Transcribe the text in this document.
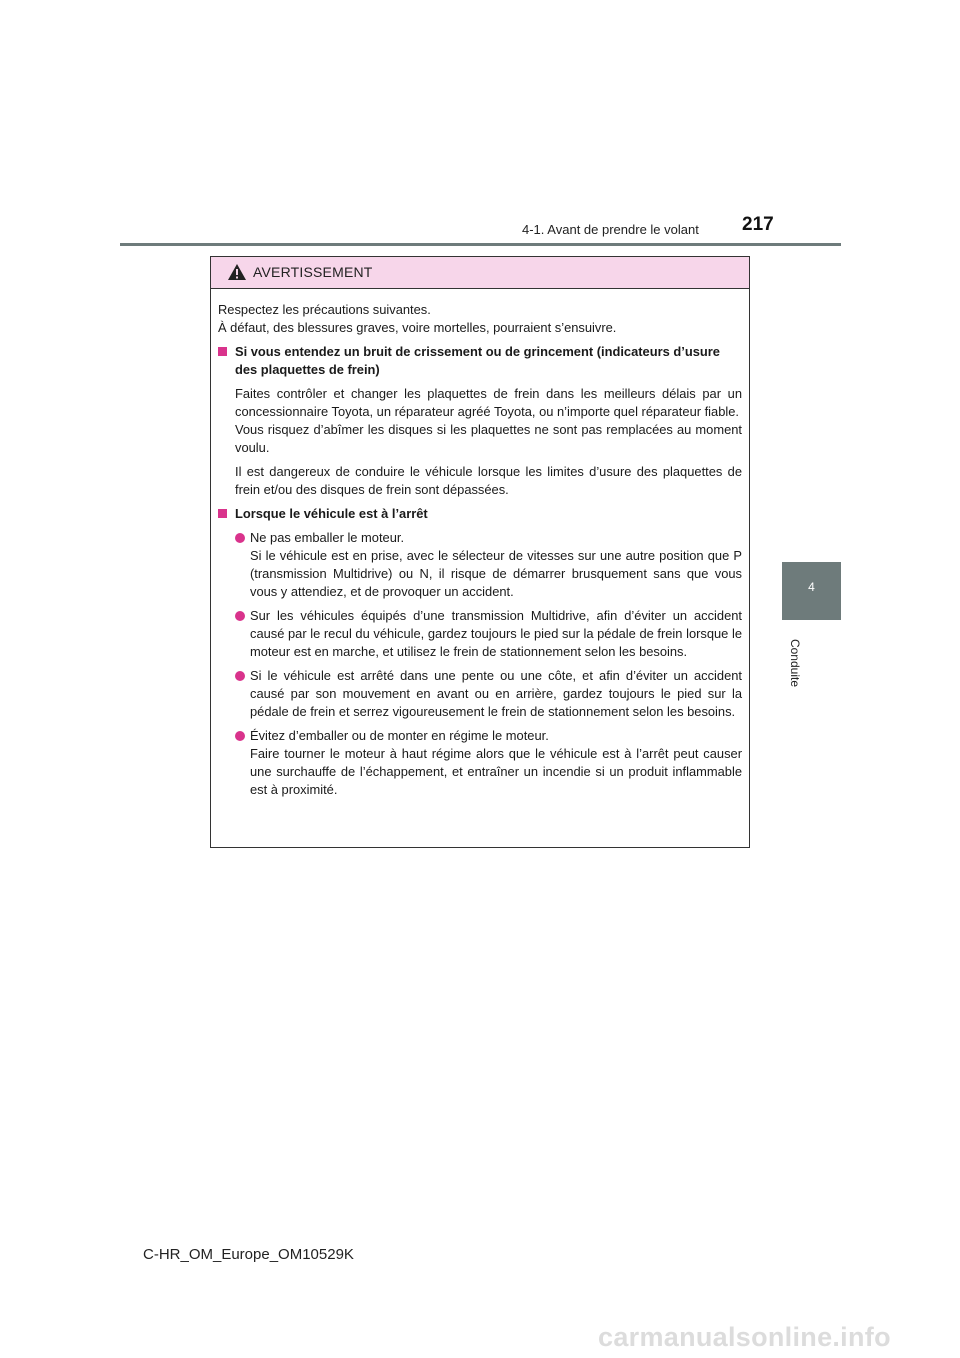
4-1. Avant de prendre le volant 217
4
Conduite
AVERTISSEMENT
Respectez les précautions suivantes.
À défaut, des blessures graves, voire mortelles, pourraient s’ensuivre.
Si vous entendez un bruit de crissement ou de grincement (indicateurs d’usure des plaquettes de frein)
Faites contrôler et changer les plaquettes de frein dans les meilleurs délais par un concessionnaire Toyota, un réparateur agréé Toyota, ou n’importe quel réparateur fiable.
Vous risquez d’abîmer les disques si les plaquettes ne sont pas remplacées au moment voulu.
Il est dangereux de conduire le véhicule lorsque les limites d’usure des plaquettes de frein et/ou des disques de frein sont dépassées.
Lorsque le véhicule est à l’arrêt
Ne pas emballer le moteur.
Si le véhicule est en prise, avec le sélecteur de vitesses sur une autre position que P (transmission Multidrive) ou N, il risque de démarrer brusquement sans que vous vous y attendiez, et de provoquer un accident.
Sur les véhicules équipés d’une transmission Multidrive, afin d’éviter un accident causé par le recul du véhicule, gardez toujours le pied sur la pédale de frein lorsque le moteur est en marche, et utilisez le frein de stationnement selon les besoins.
Si le véhicule est arrêté dans une pente ou une côte, et afin d’éviter un accident causé par son mouvement en avant ou en arrière, gardez toujours le pied sur la pédale de frein et serrez vigoureusement le frein de stationnement selon les besoins.
Évitez d’emballer ou de monter en régime le moteur.
Faire tourner le moteur à haut régime alors que le véhicule est à l’arrêt peut causer une surchauffe de l’échappement, et entraîner un incendie si un produit inflammable est à proximité.
C-HR_OM_Europe_OM10529K
carmanualsonline.info
